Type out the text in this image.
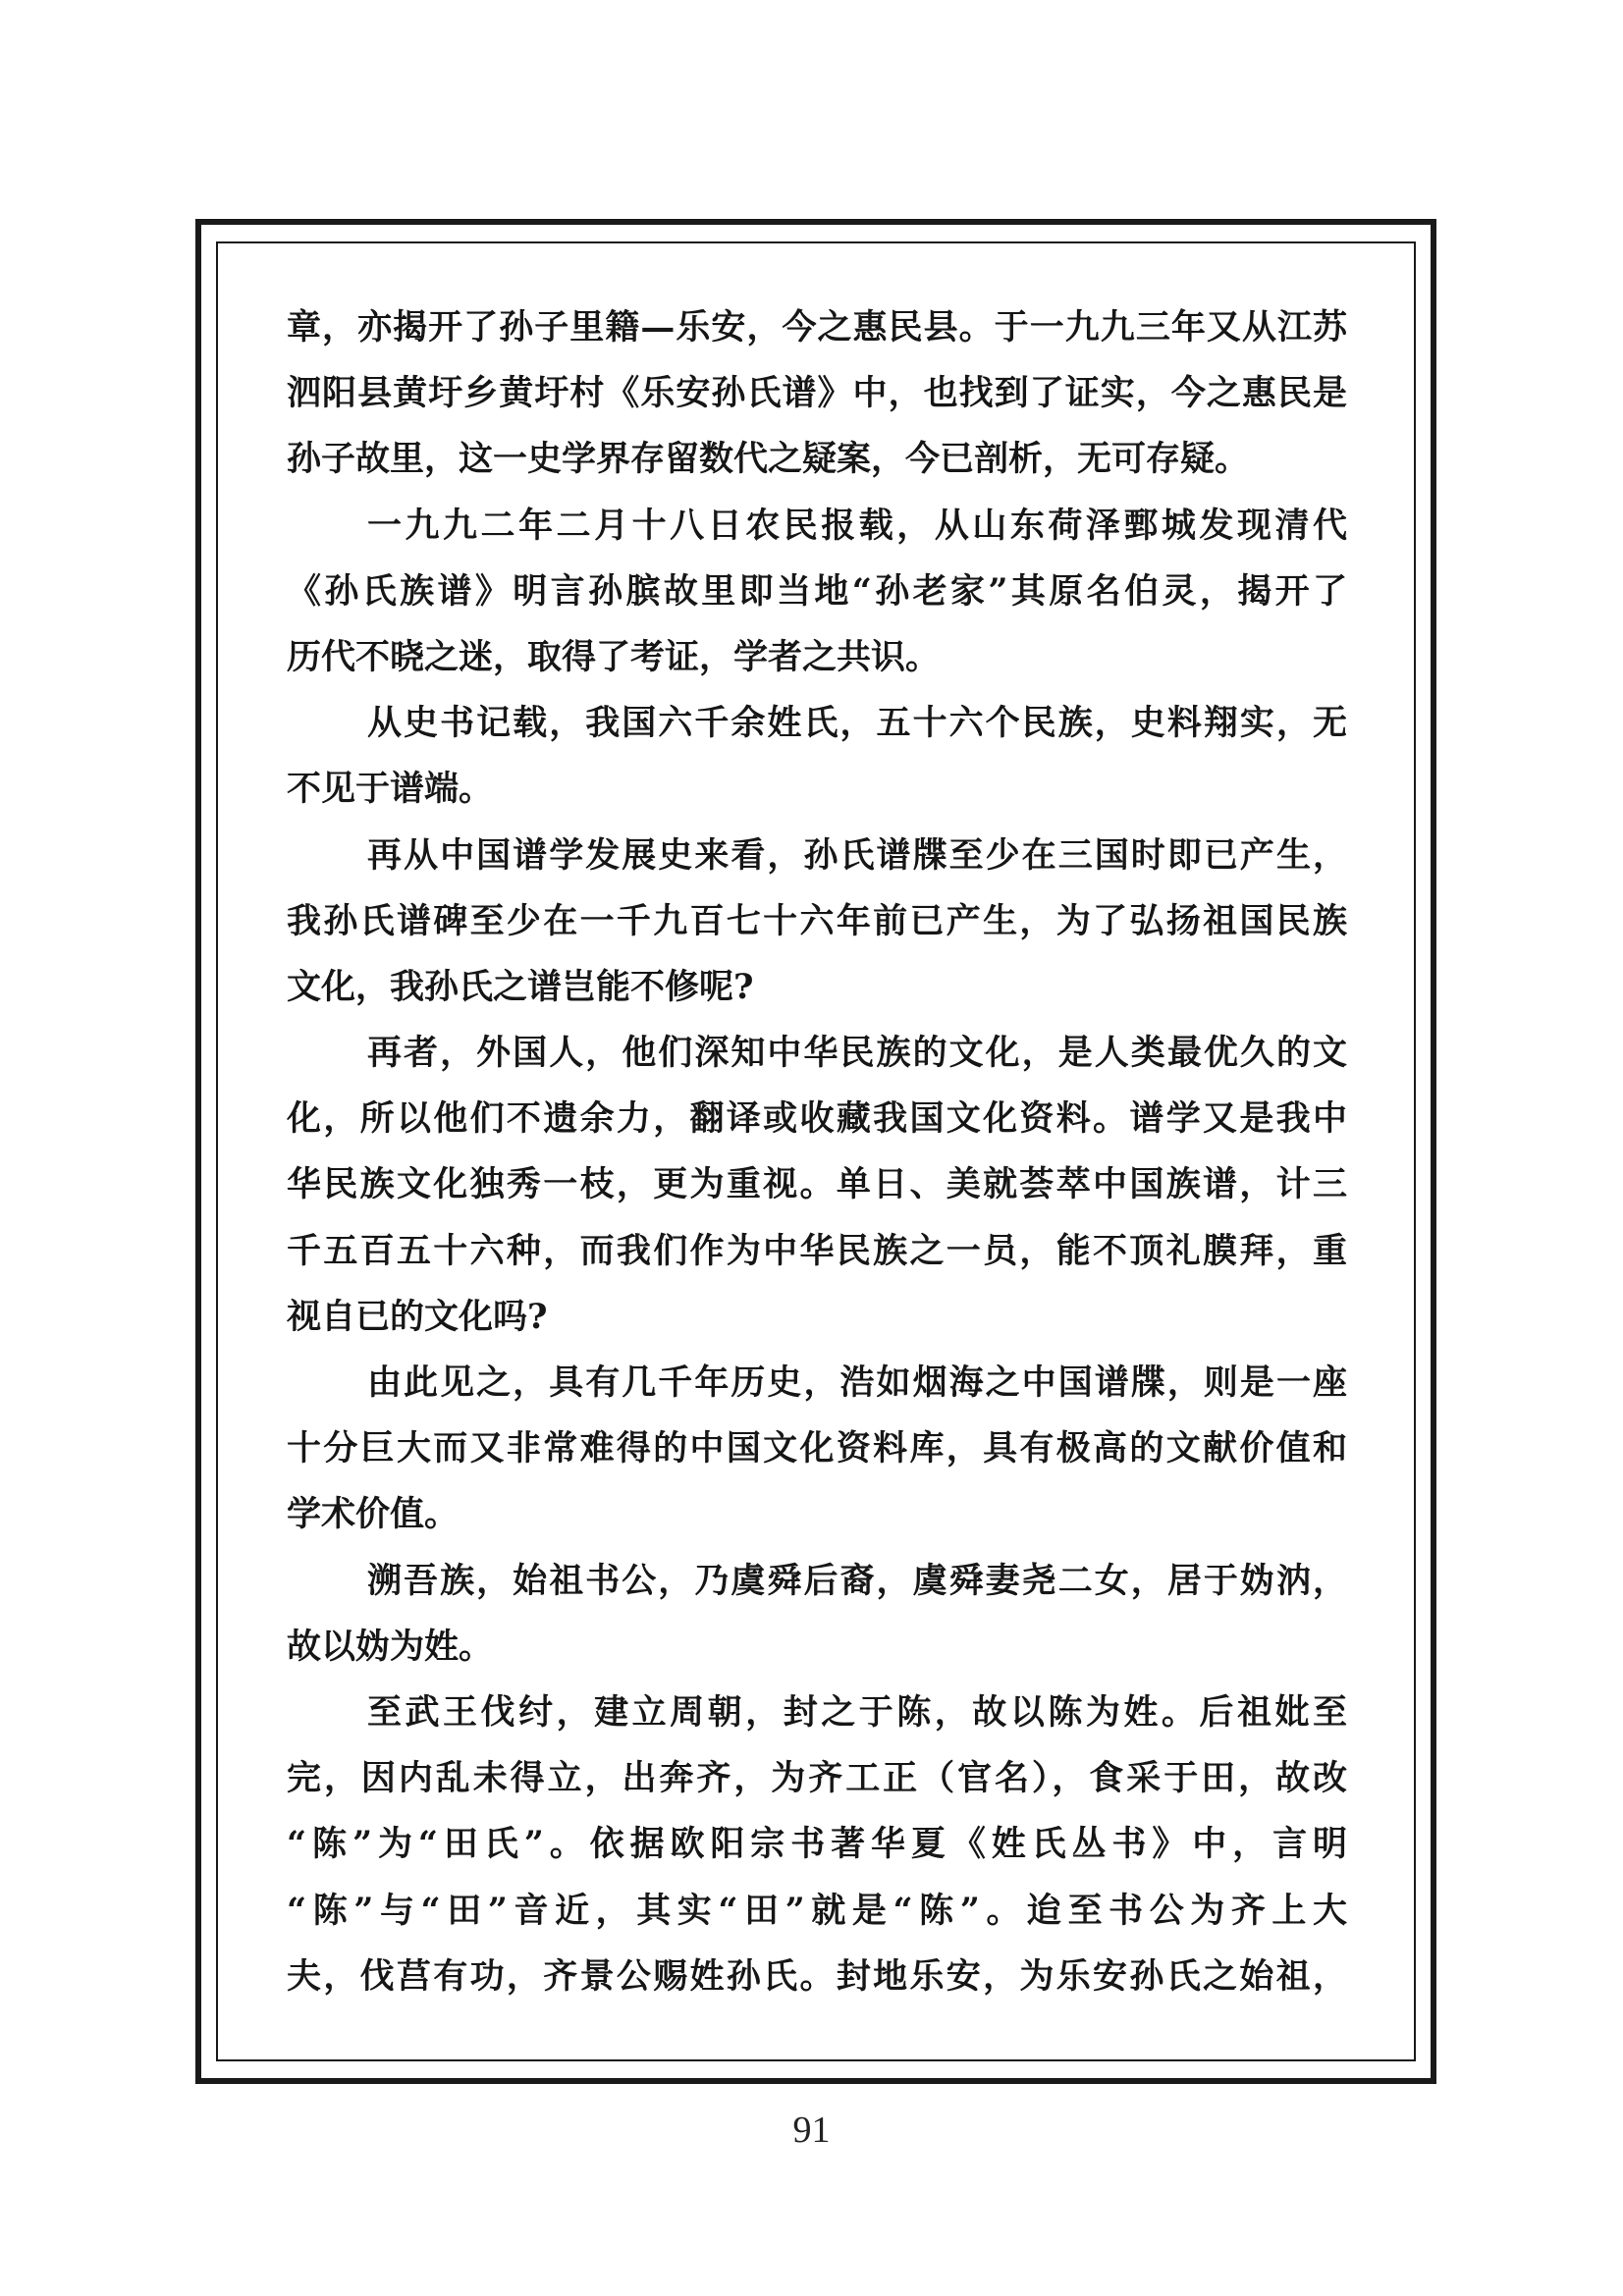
章，亦揭开了孙子里籍—乐安，今之惠民县。于一九九三年又从江苏
泗阳县黄圩乡黄圩村《乐安孙氏谱》中，也找到了证实，今之惠民是
孙子故里，这一史学界存留数代之疑案，今已剖析，无可存疑。
一九九二年二月十八日农民报载，从山东荷泽鄄城发现清代
《孙氏族谱》明言孙膑故里即当地“孙老家”其原名伯灵，揭开了
历代不晓之迷，取得了考证，学者之共识。
从史书记载，我国六千余姓氏，五十六个民族，史料翔实，无
不见于谱端。
再从中国谱学发展史来看，孙氏谱牒至少在三国时即已产生，
我孙氏谱碑至少在一千九百七十六年前已产生，为了弘扬祖国民族
文化，我孙氏之谱岂能不修呢?
再者，外国人，他们深知中华民族的文化，是人类最优久的文
化，所以他们不遗余力，翻译或收藏我国文化资料。谱学又是我中
华民族文化独秀一枝，更为重视。单日、美就荟萃中国族谱，计三
千五百五十六种，而我们作为中华民族之一员，能不顶礼膜拜，重
视自已的文化吗?
由此见之，具有几千年历史，浩如烟海之中国谱牒，则是一座
十分巨大而又非常难得的中国文化资料库，具有极高的文献价值和
学术价值。
溯吾族，始祖书公，乃虞舜后裔，虞舜妻尧二女，居于妫汭，
故以妫为姓。
至武王伐纣，建立周朝，封之于陈，故以陈为姓。后祖妣至
完，因内乱未得立，出奔齐，为齐工正（官名），食采于田，故改
“陈”为“田氏”。依据欧阳宗书著华夏《姓氏丛书》中，言明
“陈”与“田”音近，其实“田”就是“陈”。迨至书公为齐上大
夫，伐莒有功，齐景公赐姓孙氏。封地乐安，为乐安孙氏之始祖，
91
